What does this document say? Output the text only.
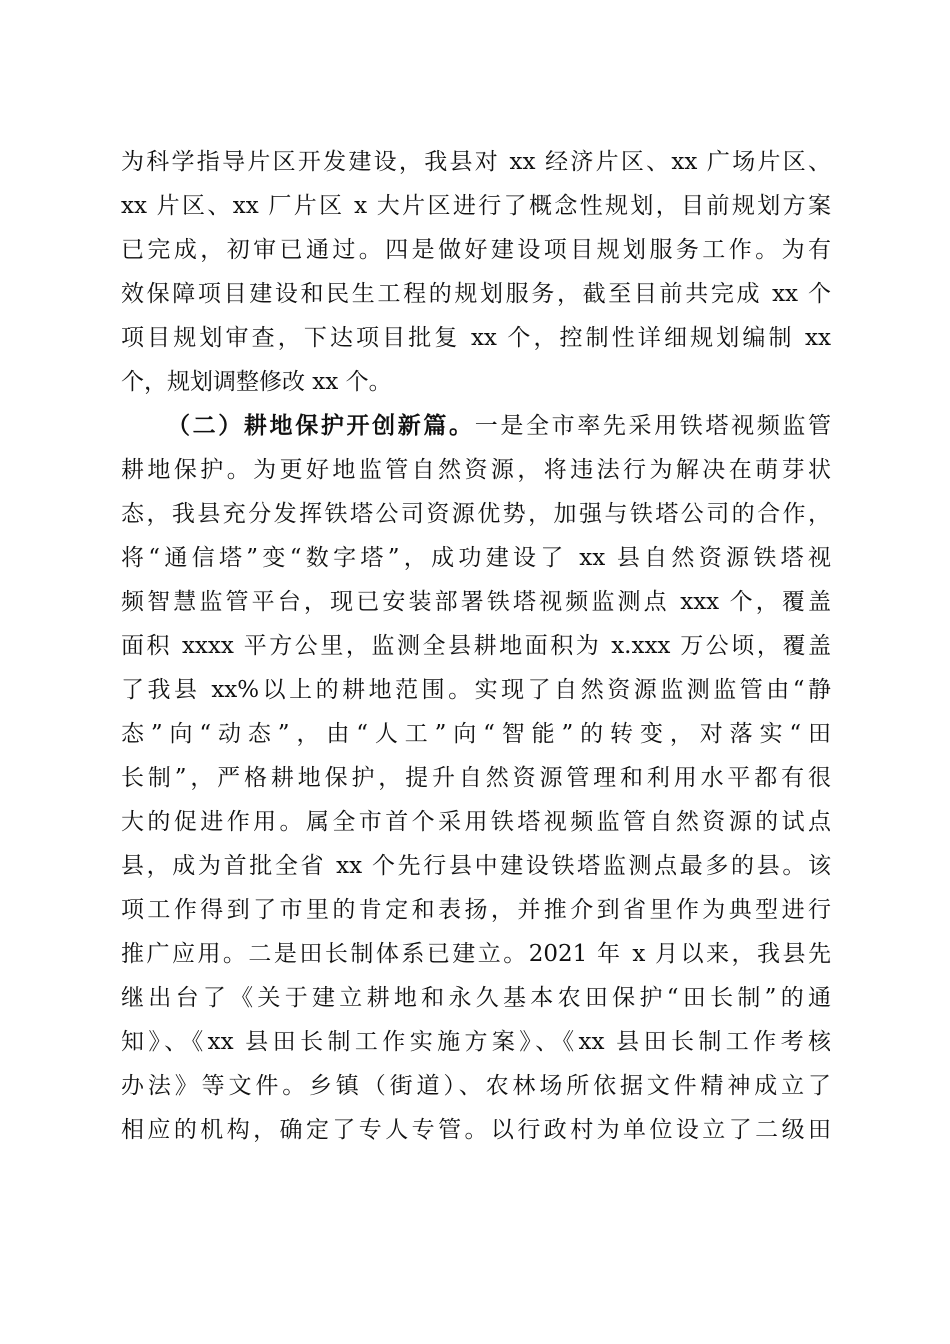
为科学指导片区开发建设，我县对 xx 经济片区、xx 广场片区、
xx 片区、xx 厂片区 x 大片区进行了概念性规划，目前规划方案
已完成，初审已通过。四是做好建设项目规划服务工作。为有
效保障项目建设和民生工程的规划服务，截至目前共完成 xx 个
项目规划审查，下达项目批复 xx 个，控制性详细规划编制 xx
个，规划调整修改 xx 个。
（二）耕地保护开创新篇。一是全市率先采用铁塔视频监管
耕地保护。为更好地监管自然资源，将违法行为解决在萌芽状
态，我县充分发挥铁塔公司资源优势，加强与铁塔公司的合作，
将“通信塔”变“数字塔”，成功建设了 xx 县自然资源铁塔视
频智慧监管平台，现已安装部署铁塔视频监测点 xxx 个，覆盖
面积 xxxx 平方公里，监测全县耕地面积为 x.xxx 万公顷，覆盖
了我县 xx%以上的耕地范围。实现了自然资源监测监管由“静
态”向“动态”，由“人工”向“智能”的转变，对落实“田
长制”，严格耕地保护，提升自然资源管理和利用水平都有很
大的促进作用。属全市首个采用铁塔视频监管自然资源的试点
县，成为首批全省 xx 个先行县中建设铁塔监测点最多的县。该
项工作得到了市里的肯定和表扬，并推介到省里作为典型进行
推广应用。二是田长制体系已建立。2021 年 x 月以来，我县先
继出台了《关于建立耕地和永久基本农田保护“田长制”的通
知》、《xx 县田长制工作实施方案》、《xx 县田长制工作考核
办法》等文件。乡镇（街道）、农林场所依据文件精神成立了
相应的机构，确定了专人专管。以行政村为单位设立了二级田
